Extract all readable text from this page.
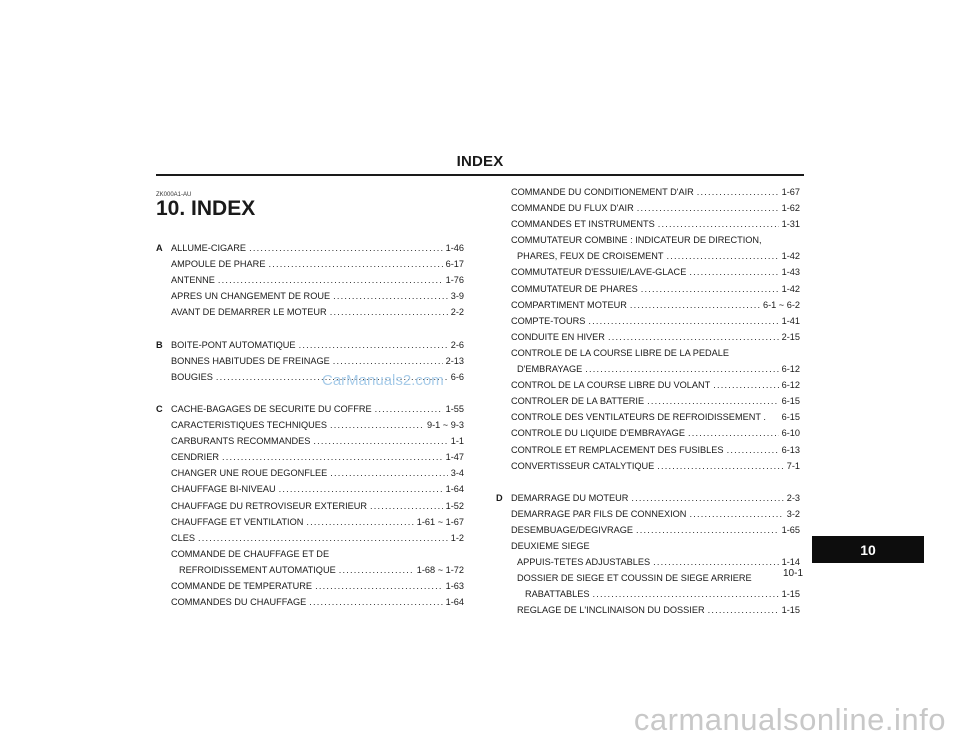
INDEX
ZK000A1-AU
10. INDEX
A ALLUME-CIGARE .....	1-46
AMPOULE DE PHARE .....	6-17
ANTENNE .....	1-76
APRES UN CHANGEMENT DE ROUE .....	3-9
AVANT DE DEMARRER LE MOTEUR .....	2-2
B BOITE-PONT AUTOMATIQUE .....	2-6
BONNES HABITUDES DE FREINAGE .....	2-13
BOUGIES .....	6-6
C CACHE-BAGAGES DE SECURITE DU COFFRE .....	1-55
CARACTERISTIQUES TECHNIQUES .....	9-1 ~ 9-3
CARBURANTS RECOMMANDES .....	1-1
CENDRIER .....	1-47
CHANGER UNE ROUE DEGONFLEE .....	3-4
CHAUFFAGE BI-NIVEAU .....	1-64
CHAUFFAGE DU RETROVISEUR EXTERIEUR .....	1-52
CHAUFFAGE ET VENTILATION .....	1-61 ~ 1-67
CLES .....	1-2
COMMANDE DE CHAUFFAGE ET DE
REFROIDISSEMENT AUTOMATIQUE .....	1-68 ~ 1-72
COMMANDE DE TEMPERATURE .....	1-63
COMMANDES DU CHAUFFAGE .....	1-64
COMMANDE DU CONDITIONEMENT D'AIR .....	1-67
COMMANDE DU FLUX D'AIR .....	1-62
COMMANDES ET INSTRUMENTS .....	1-31
COMMUTATEUR COMBINE : INDICATEUR DE DIRECTION,
PHARES, FEUX DE CROISEMENT .....	1-42
COMMUTATEUR D'ESSUIE/LAVE-GLACE .....	1-43
COMMUTATEUR DE PHARES .....	1-42
COMPARTIMENT MOTEUR .....	6-1 ~ 6-2
COMPTE-TOURS .....	1-41
CONDUITE EN HIVER .....	2-15
CONTROLE DE LA COURSE LIBRE DE LA PEDALE
D'EMBRAYAGE .....	6-12
CONTROL DE LA COURSE LIBRE DU VOLANT .....	6-12
CONTROLER DE LA BATTERIE .....	6-15
CONTROLE DES VENTILATEURS DE REFROIDISSEMENT . 6-15
CONTROLE DU LIQUIDE D'EMBRAYAGE .....	6-10
CONTROLE ET REMPLACEMENT DES FUSIBLES .....	6-13
CONVERTISSEUR CATALYTIQUE .....	7-1
D DEMARRAGE DU MOTEUR .....	2-3
DEMARRAGE PAR FILS DE CONNEXION .....	3-2
DESEMBUAGE/DEGIVRAGE .....	1-65
DEUXIEME SIEGE
APPUIS-TETES ADJUSTABLES .....	1-14
DOSSIER DE SIEGE ET COUSSIN DE SIEGE ARRIERE
RABATTABLES .....	1-15
REGLAGE DE L'INCLINAISON DU DOSSIER .....	1-15
10
10-1
CarManuals2.com
carmanualsonline.info
